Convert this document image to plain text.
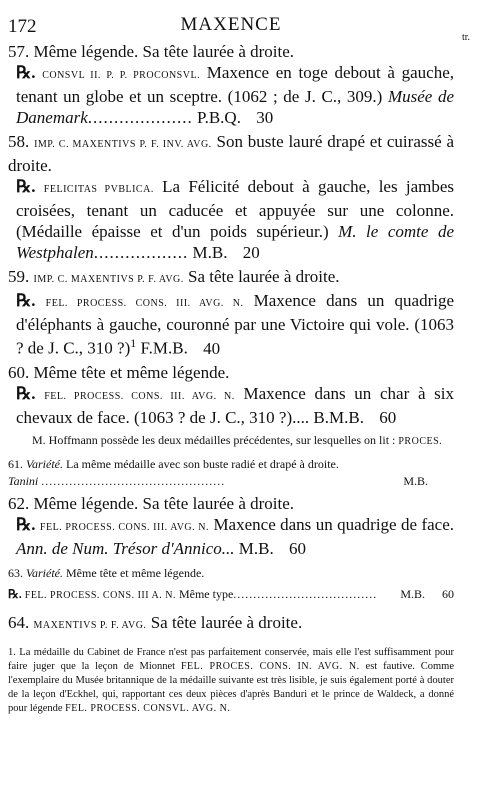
172	MAXENCE
tr.
57. Même légende. Sa tête laurée à droite.
℞. CONSVL II. P. P. PROCONSVL. Maxence en toge debout à gauche, tenant un globe et un sceptre. (1062 ; de J. C., 309.) Musée de Danemark.................... P.B.Q. 30
58. IMP. C. MAXENTIVS P. F. INV. AVG. Son buste lauré drapé et cuirassé à droite.
℞. FELICITAS PVBLICA. La Félicité debout à gauche, les jambes croisées, tenant un caducée et appuyée sur une colonne. (Médaille épaisse et d'un poids supérieur.) M. le comte de Westphalen.................. M.B. 20
59. IMP. C. MAXENTIVS P. F. AVG. Sa tête laurée à droite.
℞. FEL. PROCESS. CONS. III. AVG. N. Maxence dans un quadrige d'éléphants à gauche, couronné par une Victoire qui vole. (1063 ? de J. C., 310 ?)$^1$ F.M.B. 40
60. Même tête et même légende.
℞. FEL. PROCESS. CONS. III. AVG. N. Maxence dans un char à six chevaux de face. (1063 ? de J. C., 310 ?).... B.M.B. 60
M. Hoffmann possède les deux médailles précédentes, sur lesquelles on lit : PROCES.
61. Variété. La même médaille avec son buste radié et drapé à droite.
Tanini ..............................................	M.B.
62. Même légende. Sa tête laurée à droite.
℞. FEL. PROCESS. CONS. III. AVG. N. Maxence dans un quadrige de face. Ann. de Num. Trésor d'Annico... M.B. 60
63. Variété. Même tête et même légende.
℞. FEL. PROCESS. CONS. III A. N. Même type.................................... M.B. 60
64. MAXENTIVS P. F. AVG. Sa tête laurée à droite.
1. La médaille du Cabinet de France n'est pas parfaitement conservée, mais elle l'est suffisamment pour faire juger que la leçon de Mionnet FEL. PROCES. CONS. IN. AVG. N. est fautive. Comme l'exemplaire du Musée britannique de la médaille suivante est très lisible, je suis également porté à douter de la leçon d'Eckhel, qui, rapportant ces deux pièces d'après Banduri et le prince de Waldeck, a donné pour légende FEL. PROCESS. CONSVL. AVG. N.
